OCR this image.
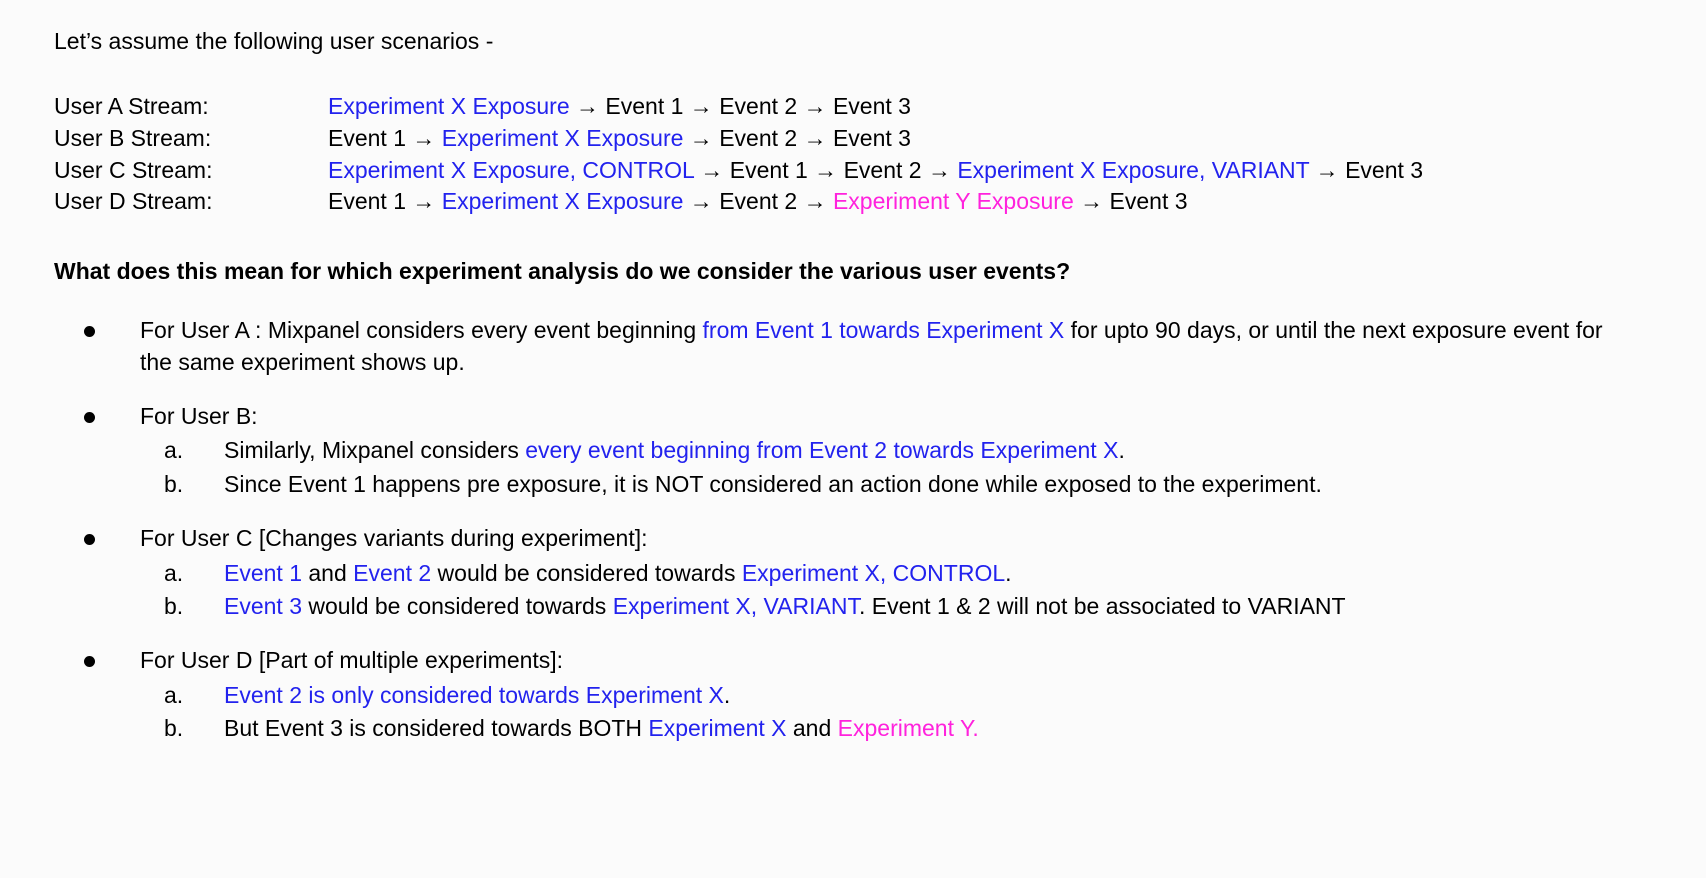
Let’s assume the following user scenarios -
User A Stream:	Experiment X Exposure → Event 1 → Event 2 → Event 3
User B Stream:	Event 1 → Experiment X Exposure → Event 2 → Event 3
User C Stream:	Experiment X Exposure, CONTROL → Event 1 → Event 2 → Experiment X Exposure, VARIANT → Event 3
User D Stream:	Event 1 → Experiment X Exposure → Event 2 → Experiment Y Exposure → Event 3
What does this mean for which experiment analysis do we consider the various user events?
For User A : Mixpanel considers every event beginning from Event 1 towards Experiment X for upto 90 days, or until the next exposure event for the same experiment shows up.
For User B:
a. Similarly, Mixpanel considers every event beginning from Event 2 towards Experiment X.
b. Since Event 1 happens pre exposure, it is NOT considered an action done while exposed to the experiment.
For User C [Changes variants during experiment]:
a. Event 1 and Event 2 would be considered towards Experiment X, CONTROL.
b. Event 3 would be considered towards Experiment X, VARIANT. Event 1 & 2 will not be associated to VARIANT
For User D [Part of multiple experiments]:
a. Event 2 is only considered towards Experiment X.
b. But Event 3 is considered towards BOTH Experiment X and Experiment Y.
